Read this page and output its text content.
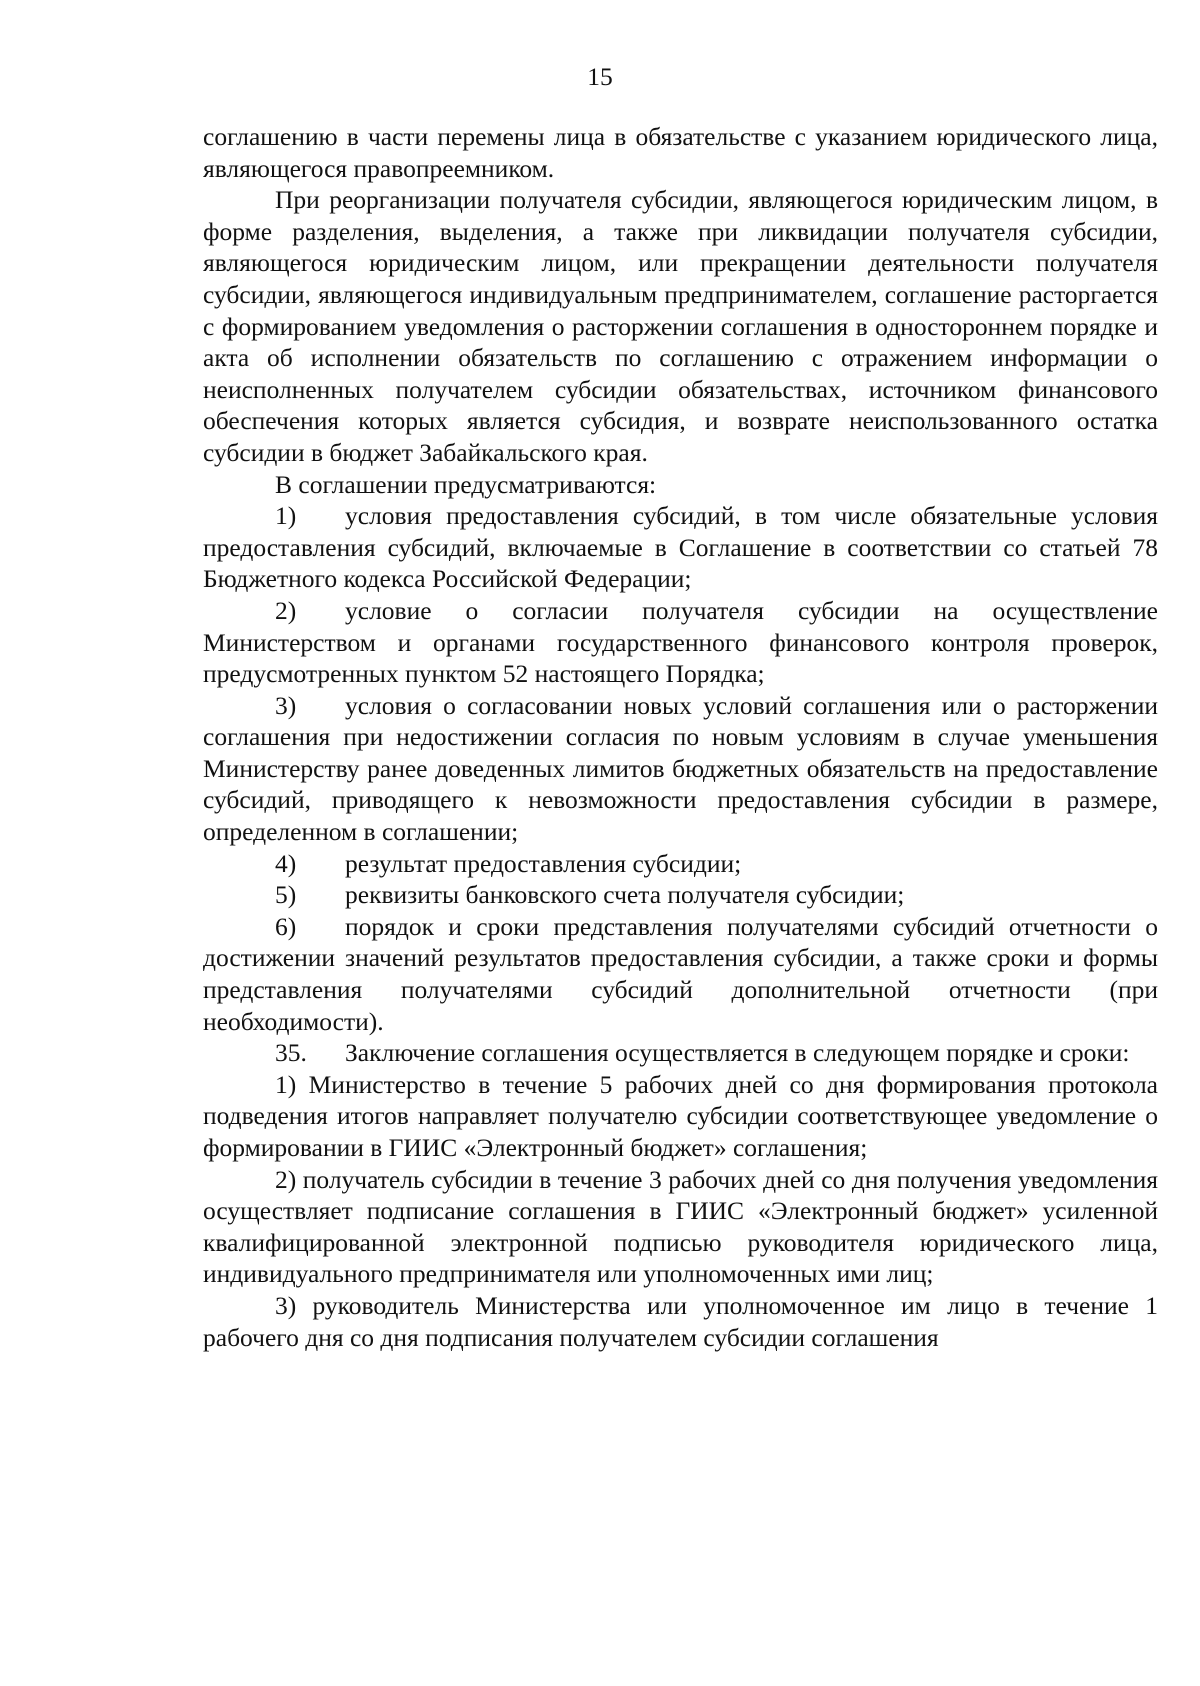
15

соглашению в части перемены лица в обязательстве с указанием юридического лица, являющегося правопреемником.

При реорганизации получателя субсидии, являющегося юридическим лицом, в форме разделения, выделения, а также при ликвидации получателя субсидии, являющегося юридическим лицом, или прекращении деятельности получателя субсидии, являющегося индивидуальным предпринимателем, соглашение расторгается с формированием уведомления о расторжении соглашения в одностороннем порядке и акта об исполнении обязательств по соглашению с отражением информации о неисполненных получателем субсидии обязательствах, источником финансового обеспечения которых является субсидия, и возврате неиспользованного остатка субсидии в бюджет Забайкальского края.

В соглашении предусматриваются:

1) условия предоставления субсидий, в том числе обязательные условия предоставления субсидий, включаемые в Соглашение в соответствии со статьей 78 Бюджетного кодекса Российской Федерации;

2) условие о согласии получателя субсидии на осуществление Министерством и органами государственного финансового контроля проверок, предусмотренных пунктом 52 настоящего Порядка;

3) условия о согласовании новых условий соглашения или о расторжении соглашения при недостижении согласия по новым условиям в случае уменьшения Министерству ранее доведенных лимитов бюджетных обязательств на предоставление субсидий, приводящего к невозможности предоставления субсидии в размере, определенном в соглашении;

4) результат предоставления субсидии;

5) реквизиты банковского счета получателя субсидии;

6) порядок и сроки представления получателями субсидий отчетности о достижении значений результатов предоставления субсидии, а также сроки и формы представления получателями субсидий дополнительной отчетности (при необходимости).

35. Заключение соглашения осуществляется в следующем порядке и сроки:

1) Министерство в течение 5 рабочих дней со дня формирования протокола подведения итогов направляет получателю субсидии соответствующее уведомление о формировании в ГИИС «Электронный бюджет» соглашения;

2) получатель субсидии в течение 3 рабочих дней со дня получения уведомления осуществляет подписание соглашения в ГИИС «Электронный бюджет» усиленной квалифицированной электронной подписью руководителя юридического лица, индивидуального предпринимателя или уполномоченных ими лиц;

3) руководитель Министерства или уполномоченное им лицо в течение 1 рабочего дня со дня подписания получателем субсидии соглашения
